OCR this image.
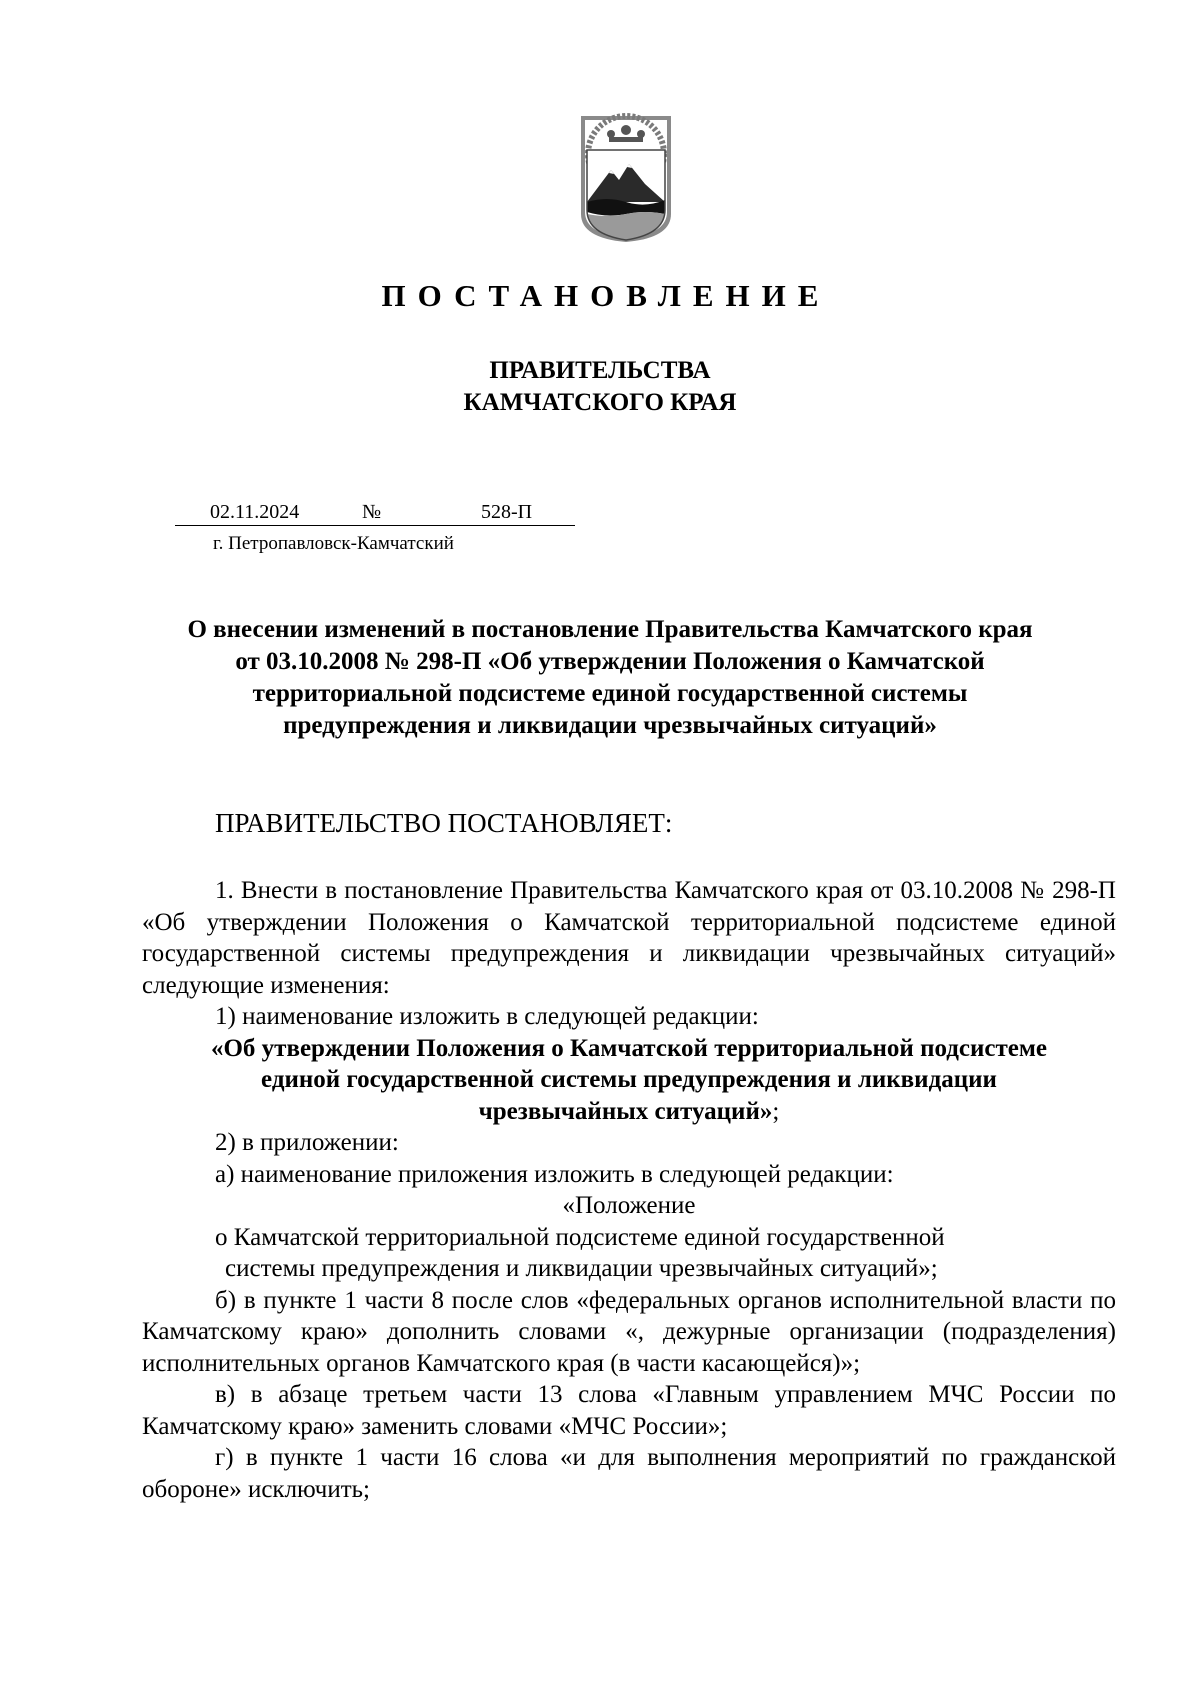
ПОСТАНОВЛЕНИЕ
ПРАВИТЕЛЬСТВА
КАМЧАТСКОГО КРАЯ
02.11.2024	№	528-П
г. Петропавловск-Камчатский
О внесении изменений в постановление Правительства Камчатского края
от 03.10.2008 № 298-П «Об утверждении Положения о Камчатской
территориальной подсистеме единой государственной системы
предупреждения и ликвидации чрезвычайных ситуаций»
ПРАВИТЕЛЬСТВО ПОСТАНОВЛЯЕТ:

1. Внести в постановление Правительства Камчатского края от 03.10.2008 № 298-П «Об утверждении Положения о Камчатской территориальной подсистеме единой государственной системы предупреждения и ликвидации чрезвычайных ситуаций» следующие изменения:

1) наименование изложить в следующей редакции:

«Об утверждении Положения о Камчатской территориальной подсистеме
единой государственной системы предупреждения и ликвидации
чрезвычайных ситуаций»;

2) в приложении:

а) наименование приложения изложить в следующей редакции:

«Положение

о Камчатской территориальной подсистеме единой государственной

системы предупреждения и ликвидации чрезвычайных ситуаций»;

б) в пункте 1 части 8 после слов «федеральных органов исполнительной власти по Камчатскому краю» дополнить словами «, дежурные организации (подразделения) исполнительных органов Камчатского края (в части касающейся)»;

в) в абзаце третьем части 13 слова «Главным управлением МЧС России по Камчатскому краю» заменить словами «МЧС России»;

г) в пункте 1 части 16 слова «и для выполнения мероприятий по гражданской обороне» исключить;
